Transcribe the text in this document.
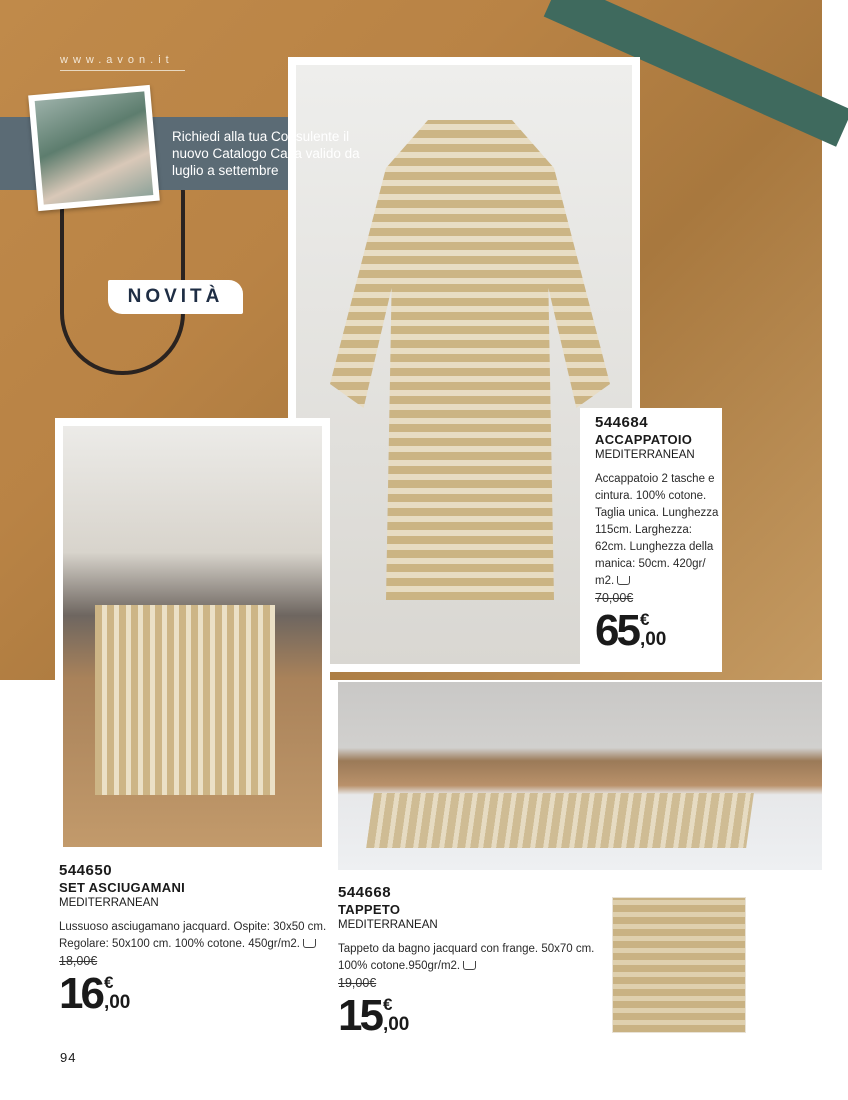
www.avon.it
Richiedi alla tua Consulente il nuovo Catalogo Casa valido da luglio a settembre
NOVITÀ
544684
ACCAPPATOIO
MEDITERRANEAN
Accappatoio 2 tasche e cintura. 100% cotone. Taglia unica. Lunghezza 115cm. Larghezza: 62cm. Lunghezza della manica: 50cm. 420gr/ m2.
70,00€
65 €
,00
544650
SET ASCIUGAMANI
MEDITERRANEAN
Lussuoso asciugamano jacquard. Ospite: 30x50 cm. Regolare: 50x100 cm. 100% cotone. 450gr/m2.
18,00€
16 €
,00
544668
TAPPETO
MEDITERRANEAN
Tappeto da bagno jacquard con frange. 50x70 cm. 100% cotone.950gr/m2.
19,00€
15 €
,00
94
